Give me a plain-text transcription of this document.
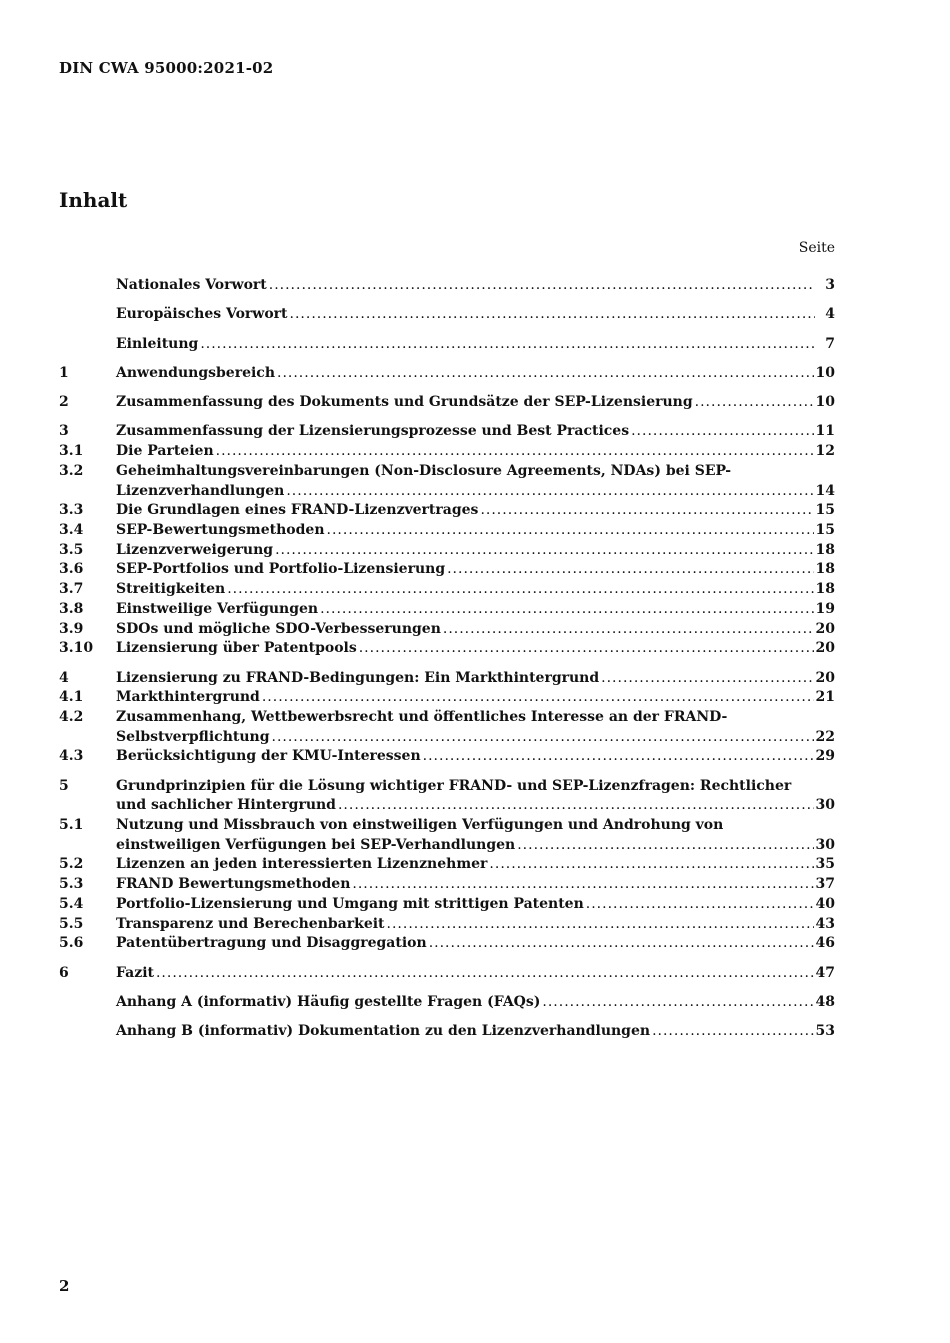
DIN CWA 95000:2021-02
Inhalt
Seite
Nationales Vorwort .....	3
Europäisches Vorwort .....	4
Einleitung .....	7
1	Anwendungsbereich .....	10
2	Zusammenfassung des Dokuments und Grundsätze der SEP-Lizensierung .....	10
3	Zusammenfassung der Lizensierungsprozesse und Best Practices .....	11
3.1	Die Parteien .....	12
3.2	Geheimhaltungsvereinbarungen (Non-Disclosure Agreements, NDAs) bei SEP-
Lizenzverhandlungen .....	14
3.3	Die Grundlagen eines FRAND-Lizenzvertrages .....	15
3.4	SEP-Bewertungsmethoden .....	15
3.5	Lizenzverweigerung .....	18
3.6	SEP-Portfolios und Portfolio-Lizensierung .....	18
3.7	Streitigkeiten .....	18
3.8	Einstweilige Verfügungen .....	19
3.9	SDOs und mögliche SDO-Verbesserungen .....	20
3.10	Lizensierung über Patentpools .....	20
4	Lizensierung zu FRAND-Bedingungen: Ein Markthintergrund .....	20
4.1	Markthintergrund .....	21
4.2	Zusammenhang, Wettbewerbsrecht und öffentliches Interesse an der FRAND-
Selbstverpflichtung .....	22
4.3	Berücksichtigung der KMU-Interessen .....	29
5	Grundprinzipien für die Lösung wichtiger FRAND- und SEP-Lizenzfragen: Rechtlicher
und sachlicher Hintergrund .....	30
5.1	Nutzung und Missbrauch von einstweiligen Verfügungen und Androhung von
einstweiligen Verfügungen bei SEP-Verhandlungen .....	30
5.2	Lizenzen an jeden interessierten Lizenznehmer .....	35
5.3	FRAND Bewertungsmethoden .....	37
5.4	Portfolio-Lizensierung und Umgang mit strittigen Patenten .....	40
5.5	Transparenz und Berechenbarkeit .....	43
5.6	Patentübertragung und Disaggregation .....	46
6	Fazit .....	47
Anhang A (informativ) Häufig gestellte Fragen (FAQs) .....	48
Anhang B (informativ) Dokumentation zu den Lizenzverhandlungen .....	53
2
